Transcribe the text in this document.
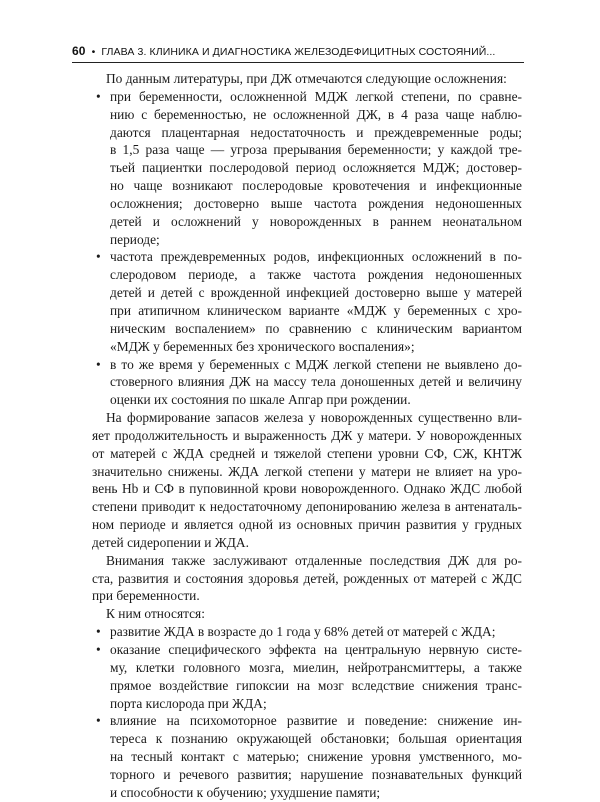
60 • ГЛАВА 3. КЛИНИКА И ДИАГНОСТИКА ЖЕЛЕЗОДЕФИЦИТНЫХ СОСТОЯНИЙ...
По данным литературы, при ДЖ отмечаются следующие осложнения:
• при беременности, осложненной МДЖ легкой степени, по сравне-
нию с беременностью, не осложненной ДЖ, в 4 раза чаще наблю-
даются плацентарная недостаточность и преждевременные роды;
в 1,5 раза чаще — угроза прерывания беременности; у каждой тре-
тьей пациентки послеродовой период осложняется МДЖ; достовер-
но чаще возникают послеродовые кровотечения и инфекционные
осложнения; достоверно выше частота рождения недоношенных
детей и осложнений у новорожденных в раннем неонатальном
периоде;
• частота преждевременных родов, инфекционных осложнений в по-
слеродовом периоде, а также частота рождения недоношенных
детей и детей с врожденной инфекцией достоверно выше у матерей
при атипичном клиническом варианте «МДЖ у беременных с хро-
ническим воспалением» по сравнению с клиническим вариантом
«МДЖ у беременных без хронического воспаления»;
• в то же время у беременных с МДЖ легкой степени не выявлено до-
стоверного влияния ДЖ на массу тела доношенных детей и величину
оценки их состояния по шкале Апгар при рождении.
На формирование запасов железа у новорожденных существенно вли-
яет продолжительность и выраженность ДЖ у матери. У новорожденных
от матерей с ЖДА средней и тяжелой степени уровни СФ, СЖ, КНТЖ
значительно снижены. ЖДА легкой степени у матери не влияет на уро-
вень Hb и СФ в пуповинной крови новорожденного. Однако ЖДС любой
степени приводит к недостаточному депонированию железа в антенаталь-
ном периоде и является одной из основных причин развития у грудных
детей сидеропении и ЖДА.
Внимания также заслуживают отдаленные последствия ДЖ для ро-
ста, развития и состояния здоровья детей, рожденных от матерей с ЖДС
при беременности.
К ним относятся:
• развитие ЖДА в возрасте до 1 года у 68% детей от матерей с ЖДА;
• оказание специфического эффекта на центральную нервную систе-
му, клетки головного мозга, миелин, нейротрансмиттеры, а также
прямое воздействие гипоксии на мозг вследствие снижения транс-
порта кислорода при ЖДА;
• влияние на психомоторное развитие и поведение: снижение ин-
тереса к познанию окружающей обстановки; большая ориентация
на тесный контакт с матерью; снижение уровня умственного, мо-
торного и речевого развития; нарушение познавательных функций
и способности к обучению; ухудшение памяти;
